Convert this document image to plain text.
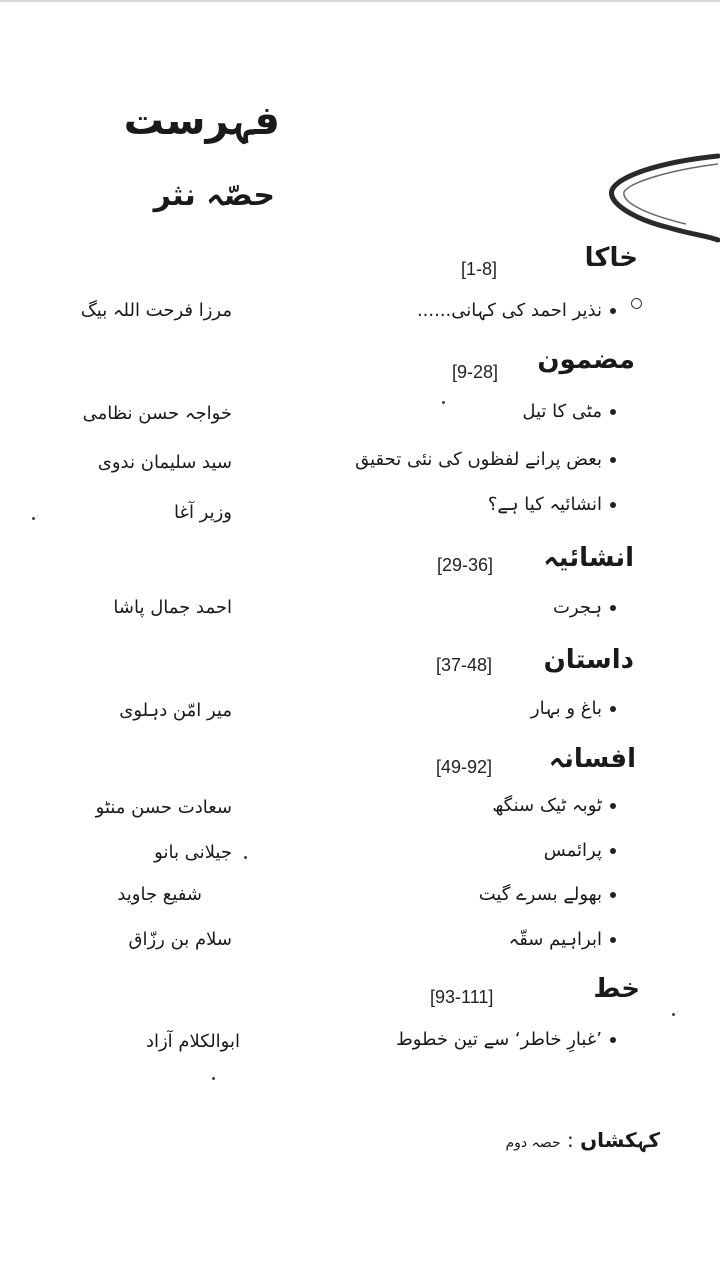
فہرست
حصّہ نثر
خاکا
[1-8]
نذیر احمد کی کہانی......
مرزا فرحت اللہ بیگ
مضمون
[9-28]
مٹی کا تیل
خواجہ حسن نظامی
بعض پرانے لفظوں کی نئی تحقیق
سید سلیمان ندوی
انشائیہ کیا ہے؟
وزیر آغا
انشائیہ
[29-36]
ہجرت
احمد جمال پاشا
داستان
[37-48]
باغ و بہار
میر امّن دہلوی
افسانہ
[49-92]
ٹوبہ ٹیک سنگھ
سعادت حسن منٹو
پرائمس
جیلانی بانو
بھولے بسرے گیت
شفیع جاوید
ابراہیم سقّہ
سلام بن رزّاق
خط
[93-111]
’غبارِ خاطر‘ سے تین خطوط
ابوالکلام آزاد
کہکشاں : حصہ دوم
